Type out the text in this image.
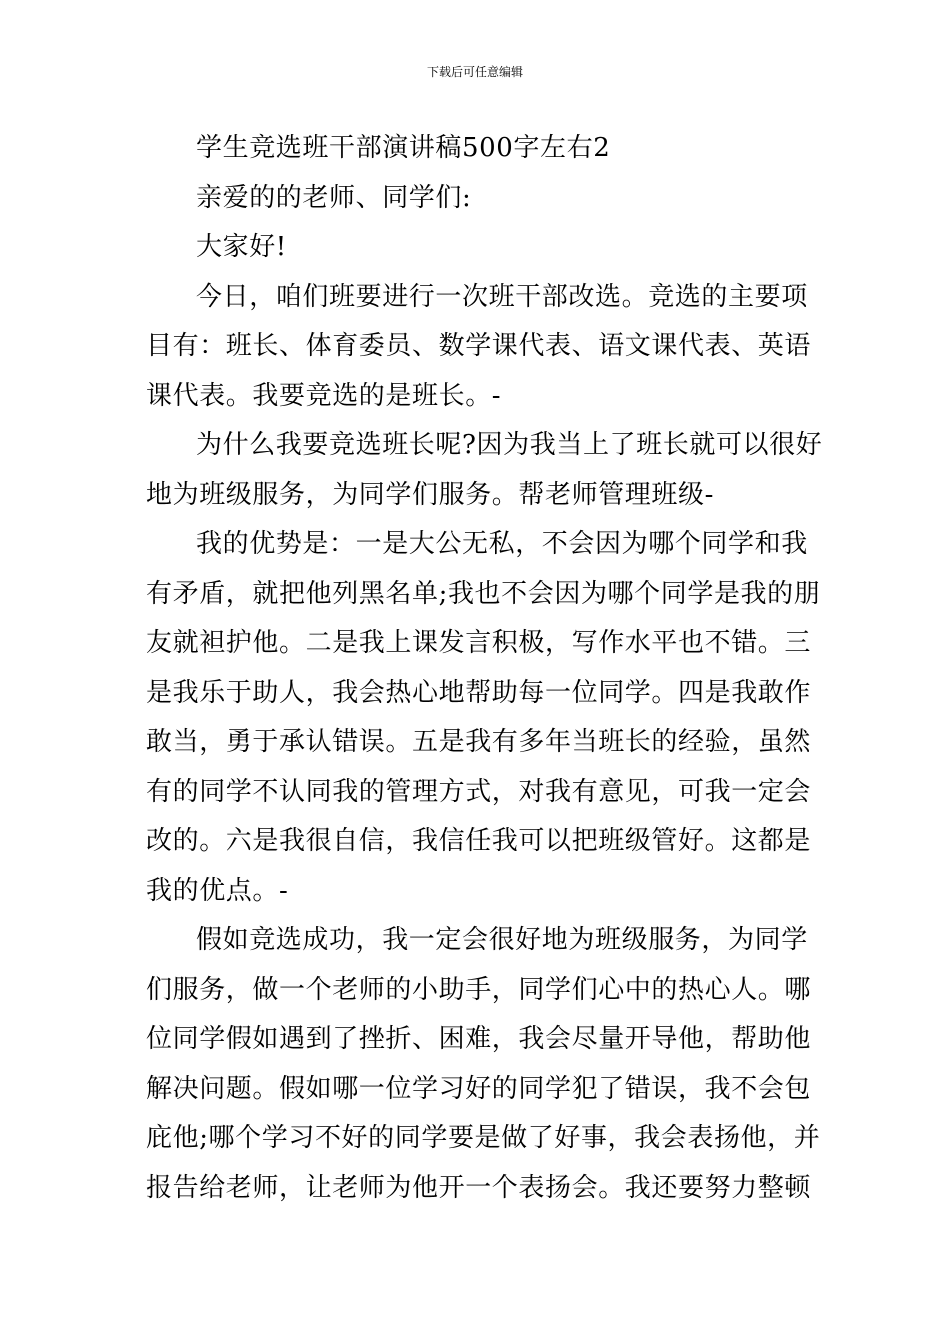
下载后可任意编辑
学生竞选班干部演讲稿500字左右2
亲爱的的老师、同学们:
大家好!
今日，咱们班要进行一次班干部改选。竞选的主要项
目有：班长、体育委员、数学课代表、语文课代表、英语
课代表。我要竞选的是班长。-
为什么我要竞选班长呢?因为我当上了班长就可以很好
地为班级服务，为同学们服务。帮老师管理班级-
我的优势是：一是大公无私，不会因为哪个同学和我
有矛盾，就把他列黑名单;我也不会因为哪个同学是我的朋
友就袒护他。二是我上课发言积极，写作水平也不错。三
是我乐于助人，我会热心地帮助每一位同学。四是我敢作
敢当，勇于承认错误。五是我有多年当班长的经验，虽然
有的同学不认同我的管理方式，对我有意见，可我一定会
改的。六是我很自信，我信任我可以把班级管好。这都是
我的优点。-
假如竞选成功，我一定会很好地为班级服务，为同学
们服务，做一个老师的小助手，同学们心中的热心人。哪
位同学假如遇到了挫折、困难，我会尽量开导他，帮助他
解决问题。假如哪一位学习好的同学犯了错误，我不会包
庇他;哪个学习不好的同学要是做了好事，我会表扬他，并
报告给老师，让老师为他开一个表扬会。我还要努力整顿
